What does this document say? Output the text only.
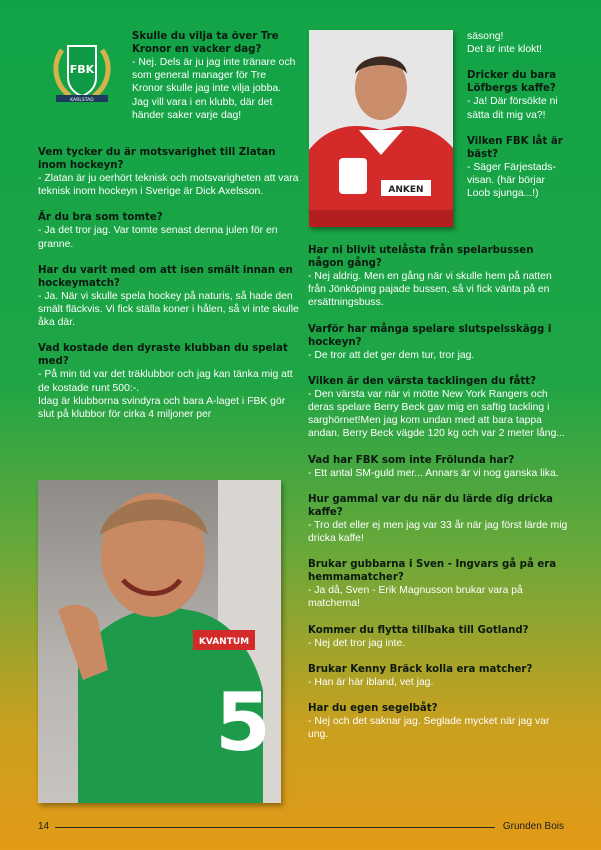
FBK
KARLSTAD

Skulle du vilja ta över Tre Kronor en vacker dag?

- Nej. Dels är ju jag inte tränare och som general manager för Tre Kronor skulle jag inte vilja jobba. Jag vill vara i en klubb, där det händer saker varje dag!

Vem tycker du är motsvarighet till Zlatan inom hockeyn?

- Zlatan är ju oerhört teknisk och motsvarigheten att vara teknisk inom hockeyn i Sverige är Dick Axelsson.

Är du bra som tomte?

- Ja det tror jag. Var tomte senast denna julen för en granne.

Har du varit med om att isen smält innan en hockeymatch?

- Ja. När vi skulle spela hockey på naturis, så hade den smält fläckvis. Vi fick ställa koner i hålen, så vi inte skulle åka där.

Vad kostade den dyraste klubban du spelat med?

- På min tid var det träklubbor och jag kan tänka mig att de kostade runt 500:-.
Idag är klubborna svindyra och bara A-laget i FBK gör slut på klubbor för cirka 4 miljoner per

ANKEN

säsong!
Det är inte klokt!

Dricker du bara Löfbergs kaffe?

- Ja! Där försökte ni sätta dit mig va?!

Vilken FBK låt är bäst?

- Säger Färjestads-visan. (här börjar Loob sjunga...!)

Har ni blivit utelåsta från spelarbussen någon gång?

- Nej aldrig. Men en gång när vi skulle hem på natten från Jönköping pajade bussen, så vi fick vänta på en ersättningsbuss.

Varför har många spelare slutspelsskägg i hockeyn?

- De tror att det ger dem tur, tror jag.

Vilken är den värsta tacklingen du fått?

- Den värsta var när vi mötte New York Rangers och deras spelare Berry Beck gav mig en saftig tackling i sarghörnet!Men jag kom undan med att bara tappa andan. Berry Beck vägde 120 kg och var 2 meter lång...

Vad har FBK som inte Frölunda har?

- Ett antal SM-guld mer... Annars är vi nog ganska lika.

Hur gammal var du när du lärde dig dricka kaffe?

- Tro det eller ej men jag var 33 år när jag först lärde mig dricka kaffe!

Brukar gubbarna i Sven - Ingvars gå på era hemmamatcher?

- Ja då, Sven - Erik Magnusson brukar vara på matcherna!

Kommer du flytta tillbaka till Gotland?

- Nej det tror jag inte.

Brukar Kenny Bräck kolla era matcher?

- Han är här ibland, vet jag.

Har du egen segelbåt?

- Nej och det saknar jag. Seglade mycket när jag var ung.

KVANTUM
5
14	Grunden Bois
